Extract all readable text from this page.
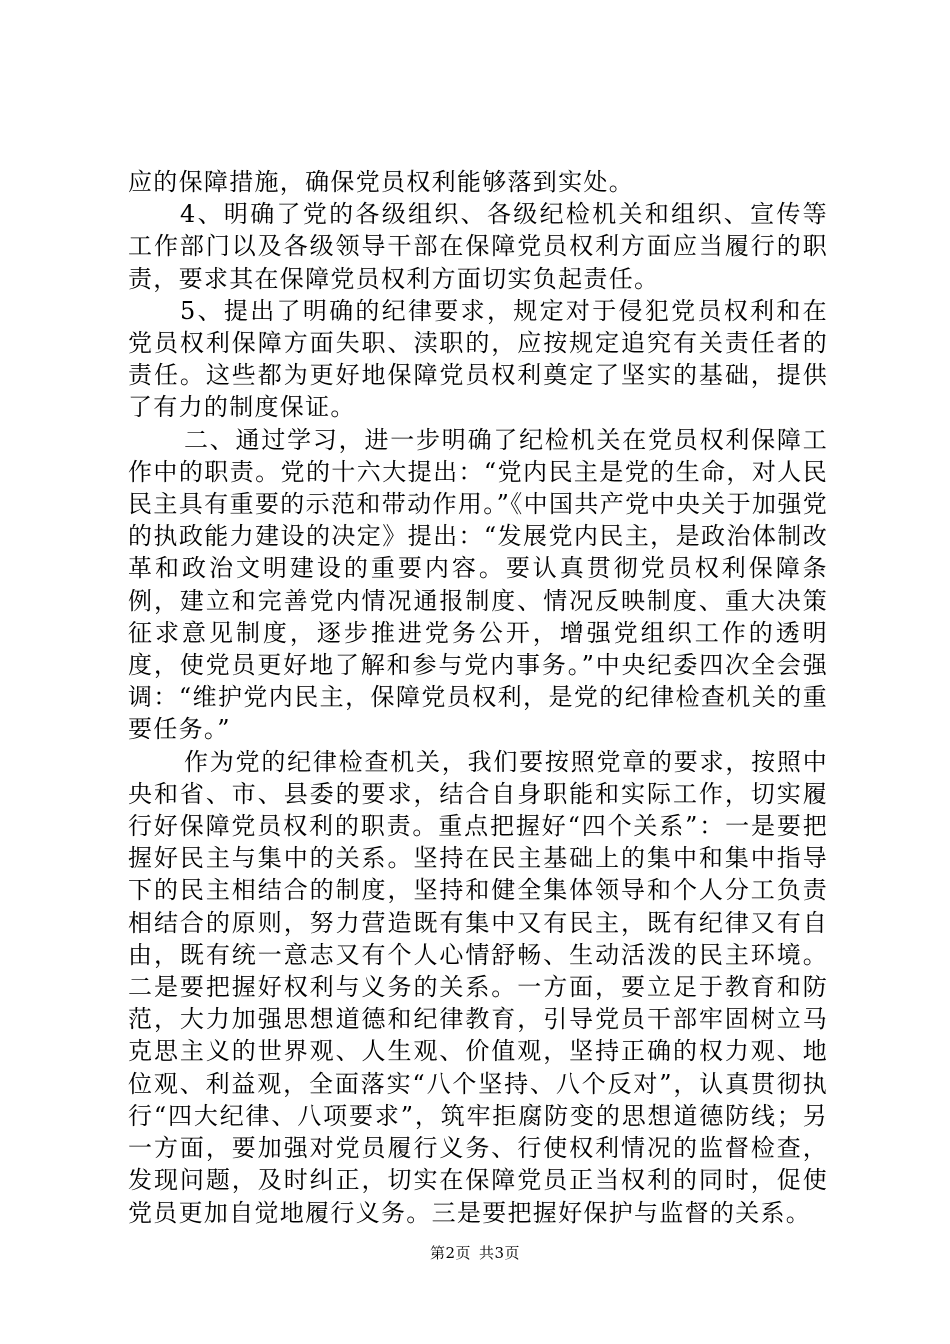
应的保障措施，确保党员权利能够落到实处。

4、明确了党的各级组织、各级纪检机关和组织、宣传等工作部门以及各级领导干部在保障党员权利方面应当履行的职责，要求其在保障党员权利方面切实负起责任。

5、提出了明确的纪律要求，规定对于侵犯党员权利和在党员权利保障方面失职、渎职的，应按规定追究有关责任者的责任。这些都为更好地保障党员权利奠定了坚实的基础，提供了有力的制度保证。

二、通过学习，进一步明确了纪检机关在党员权利保障工作中的职责。党的十六大提出：“党内民主是党的生命，对人民民主具有重要的示范和带动作用。”《中国共产党中央关于加强党的执政能力建设的决定》提出：“发展党内民主，是政治体制改革和政治文明建设的重要内容。要认真贯彻党员权利保障条例，建立和完善党内情况通报制度、情况反映制度、重大决策征求意见制度，逐步推进党务公开，增强党组织工作的透明度，使党员更好地了解和参与党内事务。”中央纪委四次全会强调：“维护党内民主，保障党员权利，是党的纪律检查机关的重要任务。”

作为党的纪律检查机关，我们要按照党章的要求，按照中央和省、市、县委的要求，结合自身职能和实际工作，切实履行好保障党员权利的职责。重点把握好“四个关系”：一是要把握好民主与集中的关系。坚持在民主基础上的集中和集中指导下的民主相结合的制度，坚持和健全集体领导和个人分工负责相结合的原则，努力营造既有集中又有民主，既有纪律又有自由，既有统一意志又有个人心情舒畅、生动活泼的民主环境。二是要把握好权利与义务的关系。一方面，要立足于教育和防范，大力加强思想道德和纪律教育，引导党员干部牢固树立马克思主义的世界观、人生观、价值观，坚持正确的权力观、地位观、利益观，全面落实“八个坚持、八个反对”，认真贯彻执行“四大纪律、八项要求”，筑牢拒腐防变的思想道德防线；另一方面，要加强对党员履行义务、行使权利情况的监督检查，发现问题，及时纠正，切实在保障党员正当权利的同时，促使党员更加自觉地履行义务。三是要把握好保护与监督的关系。

第2页 共3页
